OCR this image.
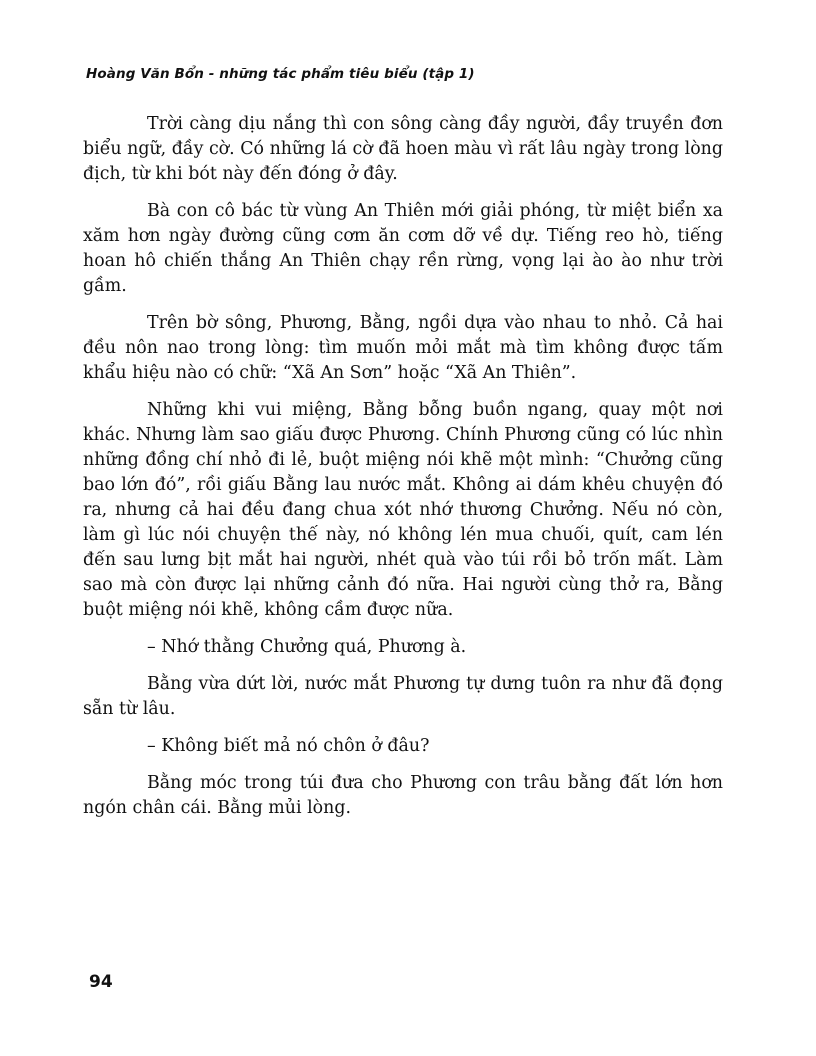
Hoàng Văn Bổn - những tác phẩm tiêu biểu (tập 1)

Trời càng dịu nắng thì con sông càng đầy người, đầy truyền đơn biểu ngữ, đầy cờ. Có những lá cờ đã hoen màu vì rất lâu ngày trong lòng địch, từ khi bót này đến đóng ở đây.

Bà con cô bác từ vùng An Thiên mới giải phóng, từ miệt biển xa xăm hơn ngày đường cũng cơm ăn cơm dỡ về dự. Tiếng reo hò, tiếng hoan hô chiến thắng An Thiên chạy rền rừng, vọng lại ào ào như trời gầm.

Trên bờ sông, Phương, Bằng, ngồi dựa vào nhau to nhỏ. Cả hai đều nôn nao trong lòng: tìm muốn mỏi mắt mà tìm không được tấm khẩu hiệu nào có chữ: “Xã An Sơn” hoặc “Xã An Thiên”.

Những khi vui miệng, Bằng bỗng buồn ngang, quay một nơi khác. Nhưng làm sao giấu được Phương. Chính Phương cũng có lúc nhìn những đồng chí nhỏ đi lẻ, buột miệng nói khẽ một mình: “Chưởng cũng bao lớn đó”, rồi giấu Bằng lau nước mắt. Không ai dám khêu chuyện đó ra, nhưng cả hai đều đang chua xót nhớ thương Chưởng. Nếu nó còn, làm gì lúc nói chuyện thế này, nó không lén mua chuối, quít, cam lén đến sau lưng bịt mắt hai người, nhét quà vào túi rồi bỏ trốn mất. Làm sao mà còn được lại những cảnh đó nữa. Hai người cùng thở ra, Bằng buột miệng nói khẽ, không cầm được nữa.

– Nhớ thằng Chưởng quá, Phương à.

Bằng vừa dứt lời, nước mắt Phương tự dưng tuôn ra như đã đọng sẵn từ lâu.

– Không biết mả nó chôn ở đâu?

Bằng móc trong túi đưa cho Phương con trâu bằng đất lớn hơn ngón chân cái. Bằng mủi lòng.

94
